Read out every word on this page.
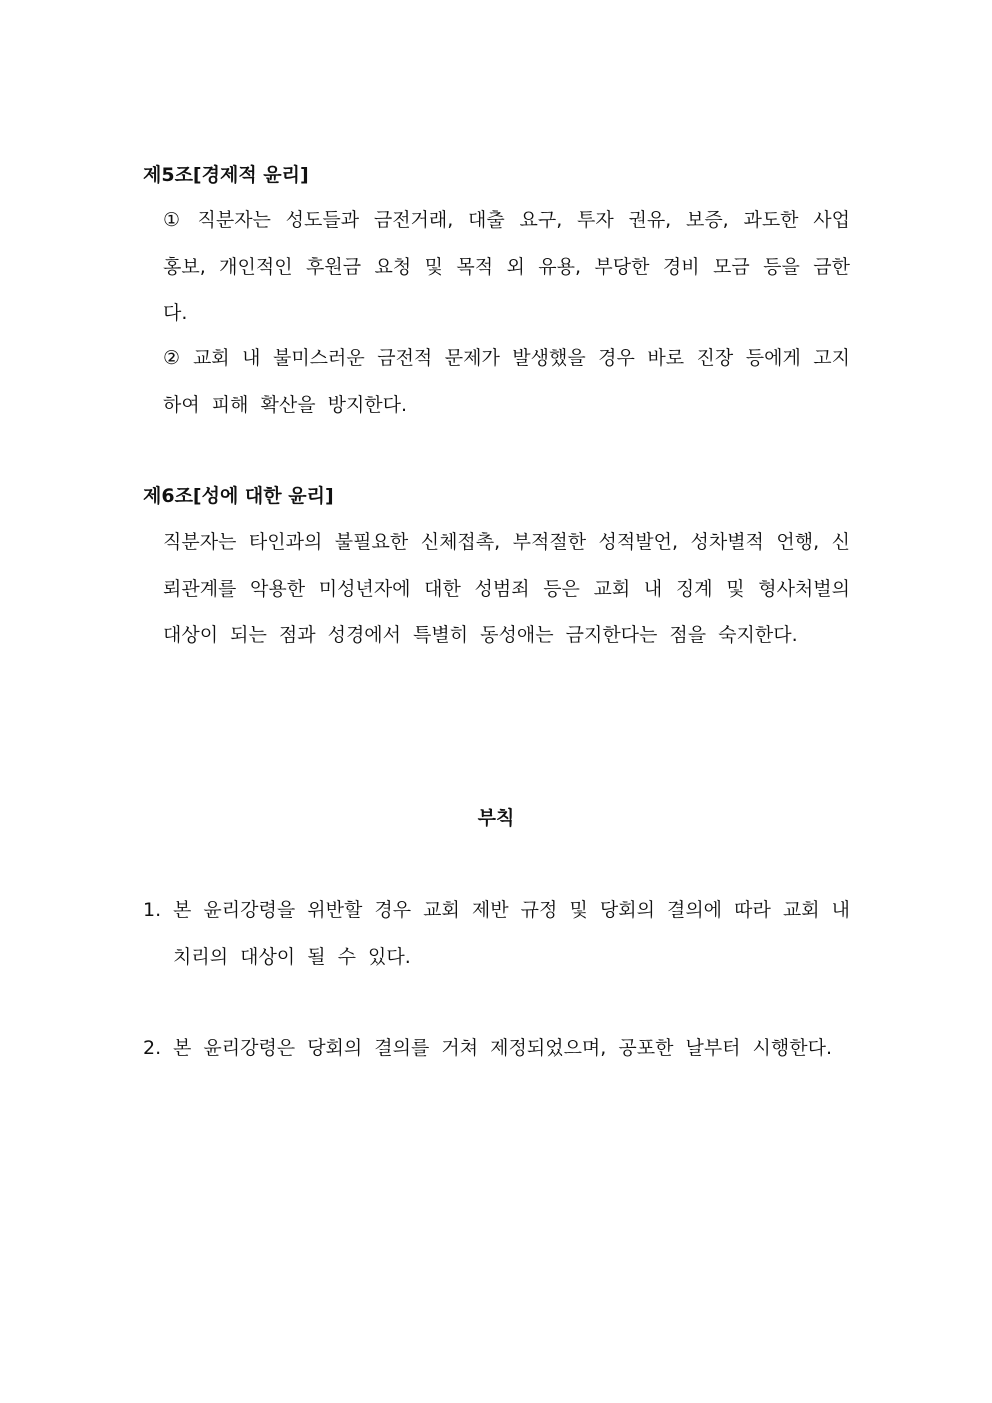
제5조[경제적 윤리]
① 직분자는 성도들과 금전거래, 대출 요구, 투자 권유, 보증, 과도한 사업 홍보, 개인적인 후원금 요청 및 목적 외 유용, 부당한 경비 모금 등을 금한다.
② 교회 내 불미스러운 금전적 문제가 발생했을 경우 바로 진장 등에게 고지하여 피해 확산을 방지한다.
제6조[성에 대한 윤리]
직분자는 타인과의 불필요한 신체접촉, 부적절한 성적발언, 성차별적 언행, 신뢰관계를 악용한 미성년자에 대한 성범죄 등은 교회 내 징계 및 형사처벌의 대상이 되는 점과 성경에서 특별히 동성애는 금지한다는 점을 숙지한다.
부칙
1. 본 윤리강령을 위반할 경우 교회 제반 규정 및 당회의 결의에 따라 교회 내 치리의 대상이 될 수 있다.
2. 본 윤리강령은 당회의 결의를 거쳐 제정되었으며, 공포한 날부터 시행한다.
